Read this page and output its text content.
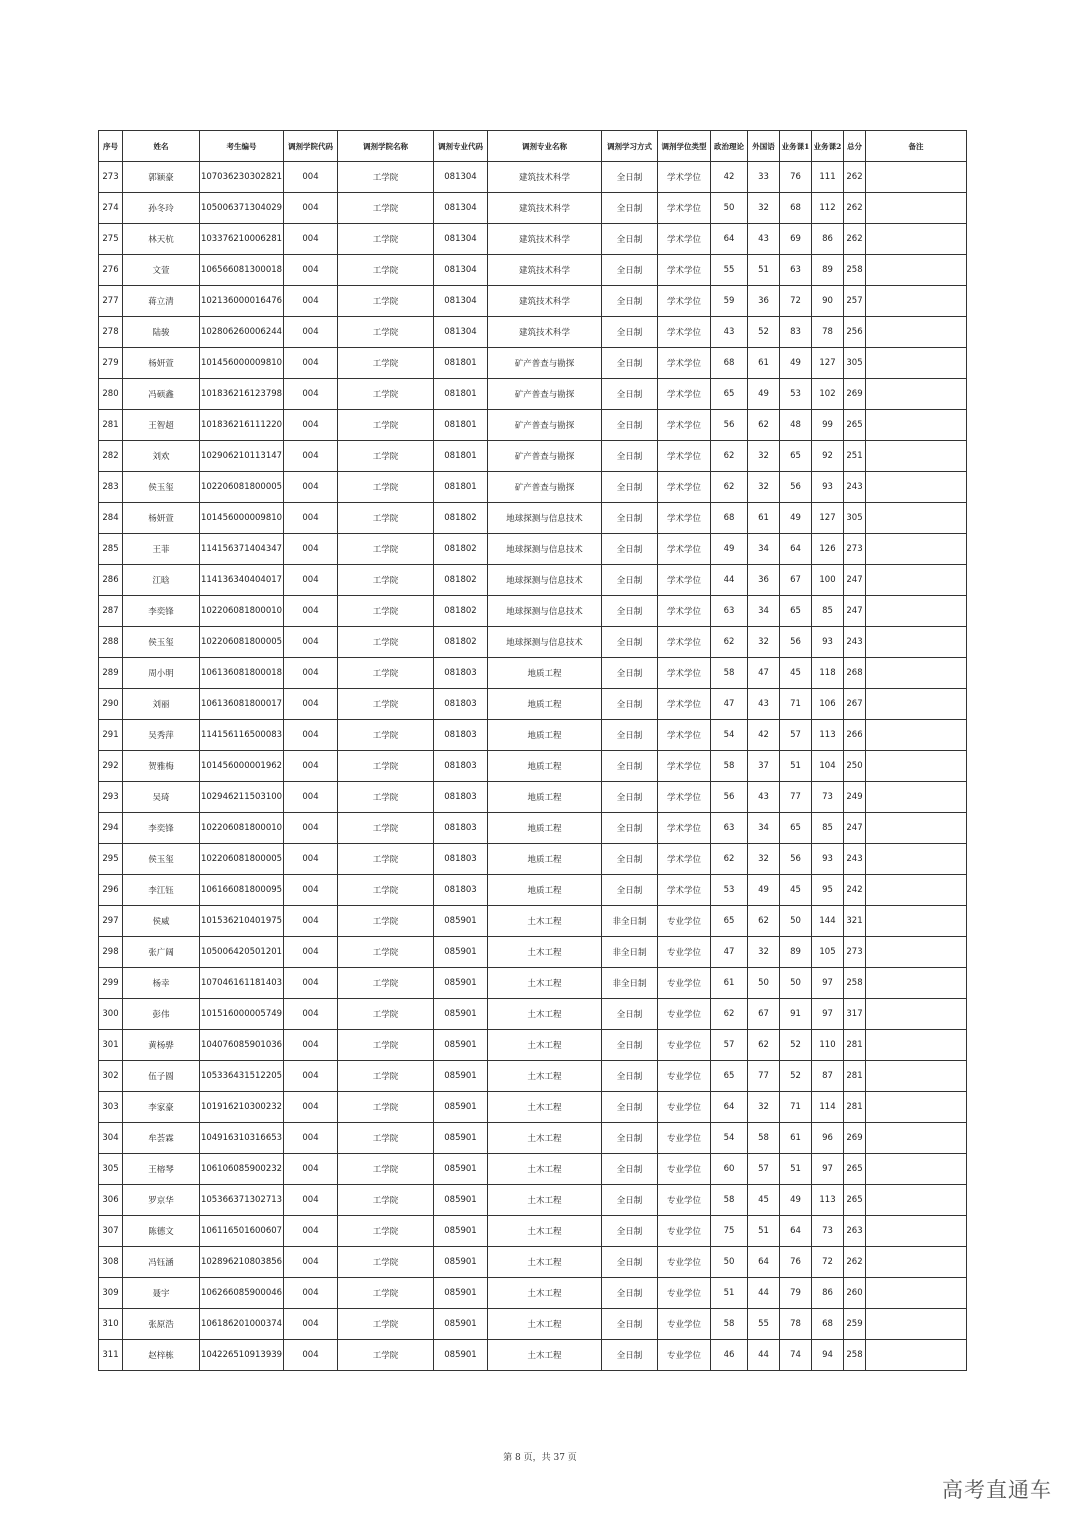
序号	姓名	考生编号	调剂学院代码	调剂学院名称	调剂专业代码	调剂专业名称	调剂学习方式	调剂学位类型	政治理论	外国语	业务课1	业务课2	总分	备注
273	郭颖豪	107036230302821	004	工学院	081304	建筑技术科学	全日制	学术学位	42	33	76	111	262	
274	孙冬玲	105006371304029	004	工学院	081304	建筑技术科学	全日制	学术学位	50	32	68	112	262	
275	林天杭	103376210006281	004	工学院	081304	建筑技术科学	全日制	学术学位	64	43	69	86	262	
276	文萱	106566081300018	004	工学院	081304	建筑技术科学	全日制	学术学位	55	51	63	89	258	
277	蒋立清	102136000016476	004	工学院	081304	建筑技术科学	全日制	学术学位	59	36	72	90	257	
278	陆骏	102806260006244	004	工学院	081304	建筑技术科学	全日制	学术学位	43	52	83	78	256	
279	杨妍萱	101456000009810	004	工学院	081801	矿产普查与勘探	全日制	学术学位	68	61	49	127	305	
280	冯硕鑫	101836216123798	004	工学院	081801	矿产普查与勘探	全日制	学术学位	65	49	53	102	269	
281	王智超	101836216111220	004	工学院	081801	矿产普查与勘探	全日制	学术学位	56	62	48	99	265	
282	刘欢	102906210113147	004	工学院	081801	矿产普查与勘探	全日制	学术学位	62	32	65	92	251	
283	侯玉玺	102206081800005	004	工学院	081801	矿产普查与勘探	全日制	学术学位	62	32	56	93	243	
284	杨妍萱	101456000009810	004	工学院	081802	地球探测与信息技术	全日制	学术学位	68	61	49	127	305	
285	王菲	114156371404347	004	工学院	081802	地球探测与信息技术	全日制	学术学位	49	34	64	126	273	
286	江晗	114136340404017	004	工学院	081802	地球探测与信息技术	全日制	学术学位	44	36	67	100	247	
287	李奕锋	102206081800010	004	工学院	081802	地球探测与信息技术	全日制	学术学位	63	34	65	85	247	
288	侯玉玺	102206081800005	004	工学院	081802	地球探测与信息技术	全日制	学术学位	62	32	56	93	243	
289	周小明	106136081800018	004	工学院	081803	地质工程	全日制	学术学位	58	47	45	118	268	
290	刘丽	106136081800017	004	工学院	081803	地质工程	全日制	学术学位	47	43	71	106	267	
291	吴秀萍	114156116500083	004	工学院	081803	地质工程	全日制	学术学位	54	42	57	113	266	
292	贺雅梅	101456000001962	004	工学院	081803	地质工程	全日制	学术学位	58	37	51	104	250	
293	吴琦	102946211503100	004	工学院	081803	地质工程	全日制	学术学位	56	43	77	73	249	
294	李奕锋	102206081800010	004	工学院	081803	地质工程	全日制	学术学位	63	34	65	85	247	
295	侯玉玺	102206081800005	004	工学院	081803	地质工程	全日制	学术学位	62	32	56	93	243	
296	李江钰	106166081800095	004	工学院	081803	地质工程	全日制	学术学位	53	49	45	95	242	
297	侯威	101536210401975	004	工学院	085901	土木工程	非全日制	专业学位	65	62	50	144	321	
298	张广阔	105006420501201	004	工学院	085901	土木工程	非全日制	专业学位	47	32	89	105	273	
299	杨幸	107046161181403	004	工学院	085901	土木工程	非全日制	专业学位	61	50	50	97	258	
300	彭伟	101516000005749	004	工学院	085901	土木工程	全日制	专业学位	62	67	91	97	317	
301	黄杨骅	104076085901036	004	工学院	085901	土木工程	全日制	专业学位	57	62	52	110	281	
302	伍子圆	105336431512205	004	工学院	085901	土木工程	全日制	专业学位	65	77	52	87	281	
303	李家豪	101916210300232	004	工学院	085901	土木工程	全日制	专业学位	64	32	71	114	281	
304	牟荟霖	104916310316653	004	工学院	085901	土木工程	全日制	专业学位	54	58	61	96	269	
305	王榕琴	106106085900232	004	工学院	085901	土木工程	全日制	专业学位	60	57	51	97	265	
306	罗京华	105366371302713	004	工学院	085901	土木工程	全日制	专业学位	58	45	49	113	265	
307	陈德文	106116501600607	004	工学院	085901	土木工程	全日制	专业学位	75	51	64	73	263	
308	冯钰涵	102896210803856	004	工学院	085901	土木工程	全日制	专业学位	50	64	76	72	262	
309	聂宇	106266085900046	004	工学院	085901	土木工程	全日制	专业学位	51	44	79	86	260	
310	张原浩	106186201000374	004	工学院	085901	土木工程	全日制	专业学位	58	55	78	68	259	
311	赵梓栋	104226510913939	004	工学院	085901	土木工程	全日制	专业学位	46	44	74	94	258	
第 8 页，共 37 页
高考直通车
